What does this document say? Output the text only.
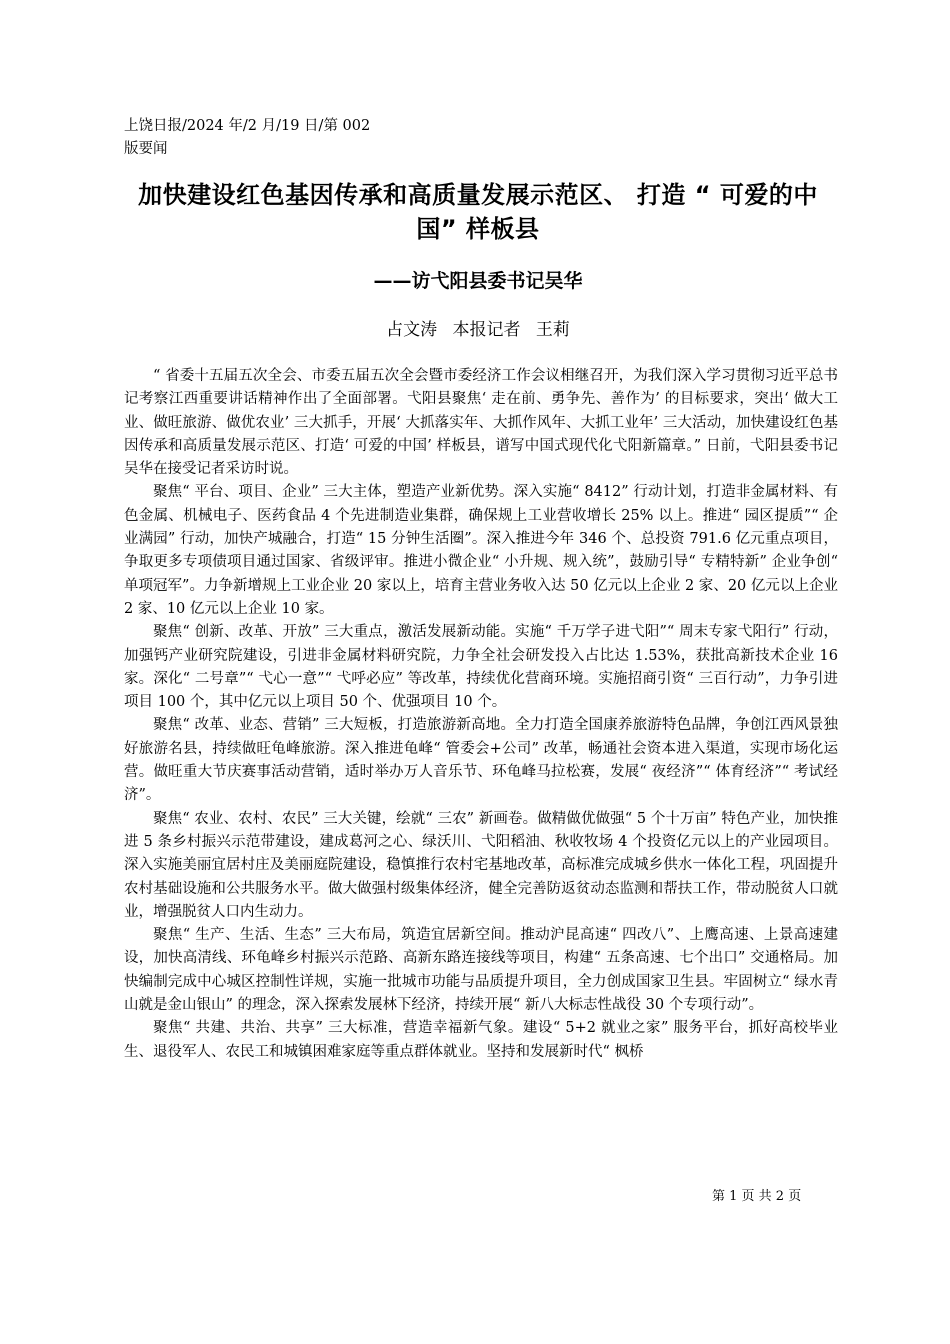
上饶日报/2024 年/2 月/19 日/第 002
版要闻
加快建设红色基因传承和高质量发展示范区、 打造 “ 可爱的中国” 样板县
——访弋阳县委书记吴华
占文涛 本报记者 王莉

“ 省委十五届五次全会、市委五届五次全会暨市委经济工作会议相继召开，为我们深入学习贯彻习近平总书记考察江西重要讲话精神作出了全面部署。弋阳县聚焦‘ 走在前、勇争先、善作为’ 的目标要求，突出‘ 做大工业、做旺旅游、做优农业’ 三大抓手，开展‘ 大抓落实年、大抓作风年、大抓工业年’ 三大活动，加快建设红色基因传承和高质量发展示范区、打造‘ 可爱的中国’ 样板县，谱写中国式现代化弋阳新篇章。” 日前，弋阳县委书记吴华在接受记者采访时说。

聚焦“ 平台、项目、企业” 三大主体，塑造产业新优势。深入实施“ 8412” 行动计划，打造非金属材料、有色金属、机械电子、医药食品 4 个先进制造业集群，确保规上工业营收增长 25% 以上。推进“ 园区提质”“ 企业满园” 行动，加快产城融合，打造“ 15 分钟生活圈”。深入推进今年 346 个、总投资 791.6 亿元重点项目，争取更多专项债项目通过国家、省级评审。推进小微企业“ 小升规、规入统”，鼓励引导“ 专精特新” 企业争创“ 单项冠军”。力争新增规上工业企业 20 家以上，培育主营业务收入达 50 亿元以上企业 2 家、20 亿元以上企业 2 家、10 亿元以上企业 10 家。

聚焦“ 创新、改革、开放” 三大重点，激活发展新动能。实施“ 千万学子进弋阳”“ 周末专家弋阳行” 行动，加强钙产业研究院建设，引进非金属材料研究院，力争全社会研发投入占比达 1.53%，获批高新技术企业 16 家。深化“ 二号章”“ 弋心一意”“ 弋呼必应” 等改革，持续优化营商环境。实施招商引资“ 三百行动”，力争引进项目 100 个，其中亿元以上项目 50 个、优强项目 10 个。

聚焦“ 改革、业态、营销” 三大短板，打造旅游新高地。全力打造全国康养旅游特色品牌，争创江西风景独好旅游名县，持续做旺龟峰旅游。深入推进龟峰“ 管委会+公司” 改革，畅通社会资本进入渠道，实现市场化运营。做旺重大节庆赛事活动营销，适时举办万人音乐节、环龟峰马拉松赛，发展“ 夜经济”“ 体育经济”“ 考试经济”。

聚焦“ 农业、农村、农民” 三大关键，绘就“ 三农” 新画卷。做精做优做强“ 5 个十万亩” 特色产业，加快推进 5 条乡村振兴示范带建设，建成葛河之心、绿沃川、弋阳稻油、秋收牧场 4 个投资亿元以上的产业园项目。深入实施美丽宜居村庄及美丽庭院建设，稳慎推行农村宅基地改革，高标准完成城乡供水一体化工程，巩固提升农村基础设施和公共服务水平。做大做强村级集体经济，健全完善防返贫动态监测和帮扶工作，带动脱贫人口就业，增强脱贫人口内生动力。

聚焦“ 生产、生活、生态” 三大布局，筑造宜居新空间。推动沪昆高速“ 四改八”、上鹰高速、上景高速建设，加快高清线、环龟峰乡村振兴示范路、高新东路连接线等项目，构建“ 五条高速、七个出口” 交通格局。加快编制完成中心城区控制性详规，实施一批城市功能与品质提升项目，全力创成国家卫生县。牢固树立“ 绿水青山就是金山银山” 的理念，深入探索发展林下经济，持续开展“ 新八大标志性战役 30 个专项行动”。

聚焦“ 共建、共治、共享” 三大标准，营造幸福新气象。建设“ 5+2 就业之家” 服务平台，抓好高校毕业生、退役军人、农民工和城镇困难家庭等重点群体就业。坚持和发展新时代“ 枫桥

第 1 页 共 2 页
